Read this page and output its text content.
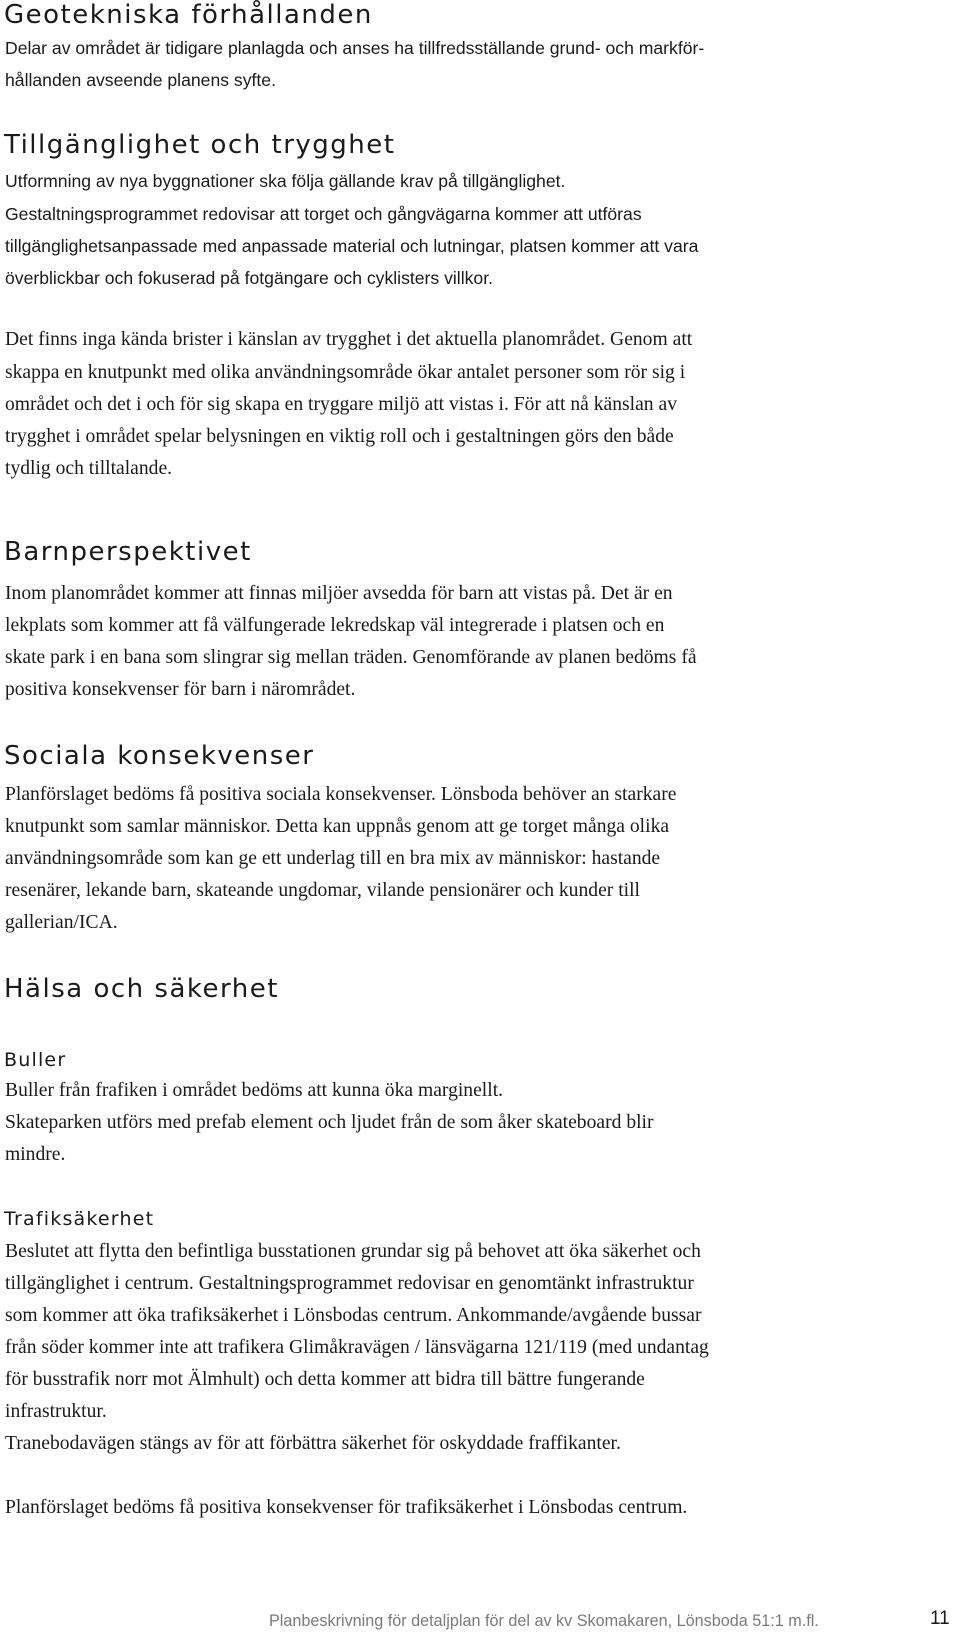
Geotekniska förhållanden

Delar av området är tidigare planlagda och anses ha tillfredsställande grund- och markför-

hållanden avseende planens syfte.

Tillgänglighet och trygghet

Utformning av nya byggnationer ska följa gällande krav på tillgänglighet.

Gestaltningsprogrammet redovisar att torget och gångvägarna kommer att utföras

tillgänglighetsanpassade med anpassade material och lutningar, platsen kommer att vara

överblickbar och fokuserad på fotgängare och cyklisters villkor.

Det finns inga kända brister i känslan av trygghet i det aktuella planområdet. Genom att

skappa en knutpunkt med olika användningsområde ökar antalet personer som rör sig i

området och det i och för sig skapa en tryggare miljö att vistas i. För att nå känslan av

trygghet i området spelar belysningen en viktig roll och i gestaltningen görs den både

tydlig och tilltalande.

Barnperspektivet

Inom planområdet kommer att finnas miljöer avsedda för barn att vistas på. Det är en

lekplats som kommer att få välfungerade lekredskap väl integrerade i platsen och en

skate park i en bana som slingrar sig mellan träden. Genomförande av planen bedöms få

positiva konsekvenser för barn i närområdet.

Sociala konsekvenser

Planförslaget bedöms få positiva sociala konsekvenser. Lönsboda behöver an starkare

knutpunkt som samlar människor. Detta kan uppnås genom att ge torget många olika

användningsområde som kan ge ett underlag till en bra mix av människor: hastande

resenärer, lekande barn, skateande ungdomar, vilande pensionärer och kunder till

gallerian/ICA.

Hälsa och säkerhet
Buller

Buller från frafiken i området bedöms att kunna öka marginellt.

Skateparken utförs med prefab element och ljudet från de som åker skateboard blir

mindre.

Trafiksäkerhet

Beslutet att flytta den befintliga busstationen grundar sig på behovet att öka säkerhet och

tillgänglighet i centrum. Gestaltningsprogrammet redovisar en genomtänkt infrastruktur

som kommer att öka trafiksäkerhet i Lönsbodas centrum. Ankommande/avgående bussar

från söder kommer inte att trafikera Glimåkravägen / länsvägarna 121/119 (med undantag

för busstrafik norr mot Älmhult) och detta kommer att bidra till bättre fungerande

infrastruktur.

Tranebodavägen stängs av för att förbättra säkerhet för oskyddade fraffikanter.

Planförslaget bedöms få positiva konsekvenser för trafiksäkerhet i Lönsbodas centrum.

Planbeskrivning för detaljplan för del av kv Skomakaren, Lönsboda 51:1 m.fl.	11
